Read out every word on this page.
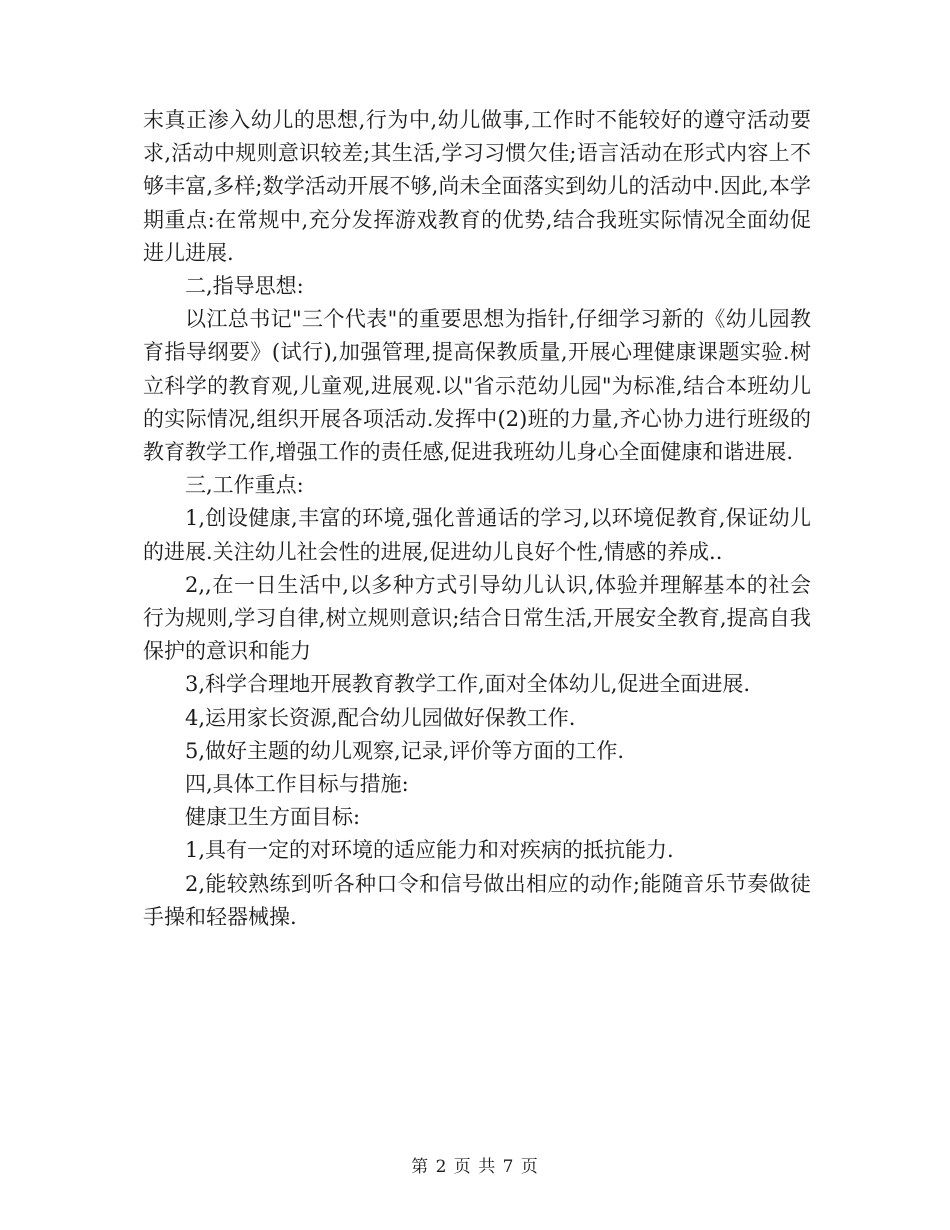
末真正渗入幼儿的思想,行为中,幼儿做事,工作时不能较好的遵守活动要求,活动中规则意识较差;其生活,学习习惯欠佳;语言活动在形式内容上不够丰富,多样;数学活动开展不够,尚未全面落实到幼儿的活动中.因此,本学期重点:在常规中,充分发挥游戏教育的优势,结合我班实际情况全面幼促进儿进展.

二,指导思想:

以江总书记"三个代表"的重要思想为指针,仔细学习新的《幼儿园教育指导纲要》(试行),加强管理,提高保教质量,开展心理健康课题实验.树立科学的教育观,儿童观,进展观.以"省示范幼儿园"为标准,结合本班幼儿的实际情况,组织开展各项活动.发挥中(2)班的力量,齐心协力进行班级的教育教学工作,增强工作的责任感,促进我班幼儿身心全面健康和谐进展.

三,工作重点:

1,创设健康,丰富的环境,强化普通话的学习,以环境促教育,保证幼儿的进展.关注幼儿社会性的进展,促进幼儿良好个性,情感的养成..

2,,在一日生活中,以多种方式引导幼儿认识,体验并理解基本的社会行为规则,学习自律,树立规则意识;结合日常生活,开展安全教育,提高自我保护的意识和能力

3,科学合理地开展教育教学工作,面对全体幼儿,促进全面进展.

4,运用家长资源,配合幼儿园做好保教工作.

5,做好主题的幼儿观察,记录,评价等方面的工作.

四,具体工作目标与措施:

健康卫生方面目标:

1,具有一定的对环境的适应能力和对疾病的抵抗能力.

2,能较熟练到听各种口令和信号做出相应的动作;能随音乐节奏做徒手操和轻器械操.

第 2 页 共 7 页
